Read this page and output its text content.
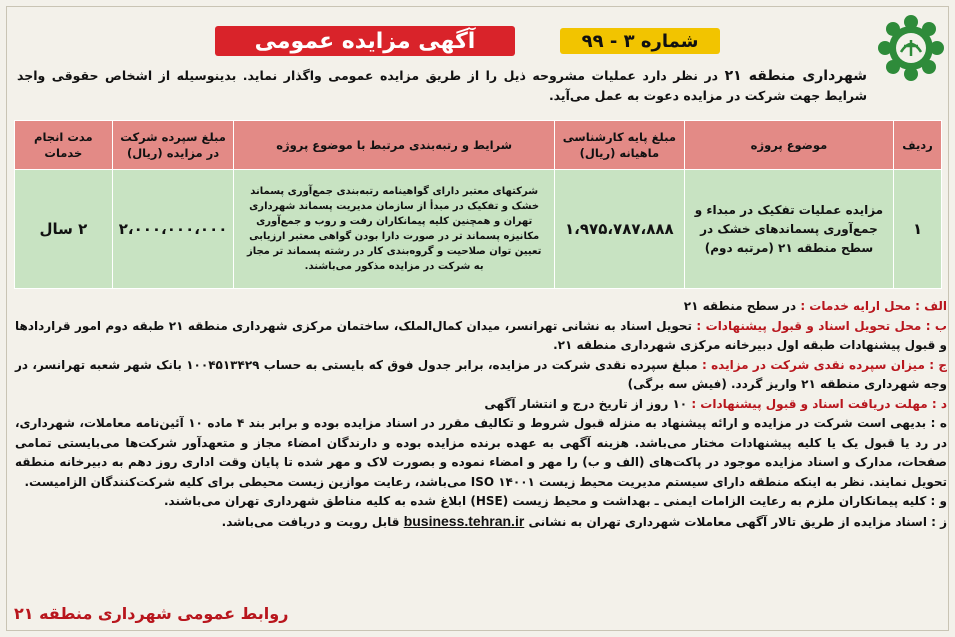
آگهی مزایده عمومی	شماره ۳ - ۹۹
شهرداری منطقه ۲۱ در نظر دارد عملیات مشروحه ذیل را از طریق مزایده عمومی واگذار نماید. بدینوسیله از اشخاص حقوقی واجد شرایط جهت شرکت در مزایده دعوت به عمل می‌آید.
ردیف	موضوع پروژه	مبلغ پایه کارشناسی ماهیانه (ریال)	شرایط و رتبه‌بندی مرتبط با موضوع پروژه	مبلغ سپرده شرکت در مزایده (ریال)	مدت انجام خدمات
۱	مزایده عملیات تفکیک در مبداء و جمع‌آوری پسماندهای خشک در سطح منطقه ۲۱ (مرتبه دوم)	۱،۹۷۵،۷۸۷،۸۸۸	شرکتهای معتبر دارای گواهینامه رتبه‌بندی جمع‌آوری پسماند خشک و تفکیک در مبدأ از سازمان مدیریت پسماند شهرداری تهران و همچنین کلیه پیمانکاران رفت و روب و جمع‌آوری مکانیزه پسماند تر در صورت دارا بودن گواهی معتبر ارزیابی تعیین توان صلاحیت و گروه‌بندی کار در رشته پسماند تر مجاز به شرکت در مزایده مذکور می‌باشند.	۲،۰۰۰،۰۰۰،۰۰۰	۲ سال

الف : محل ارایه خدمات : در سطح منطقه ۲۱

ب : محل تحویل اسناد و قبول پیشنهادات : تحویل اسناد به نشانی تهرانسر، میدان کمال‌الملک، ساختمان مرکزی شهرداری منطقه ۲۱ طبقه دوم امور قراردادها و قبول پیشنهادات طبقه اول دبیرخانه مرکزی شهرداری منطقه ۲۱.

ج : میزان سپرده نقدی شرکت در مزایده : مبلغ سپرده نقدی شرکت در مزایده، برابر جدول فوق که بایستی به حساب ۱۰۰۴۵۱۳۴۲۹ بانک شهر شعبه تهرانسر، در وجه شهرداری منطقه ۲۱ واریز گردد. (فیش سه برگی)

د : مهلت دریافت اسناد و قبول پیشنهادات : ۱۰ روز از تاریخ درج و انتشار آگهی

ه : بدیهی است شرکت در مزایده و ارائه پیشنهاد به منزله قبول شروط و تکالیف مقرر در اسناد مزایده بوده و برابر بند ۴ ماده ۱۰ آئین‌نامه معاملات، شهرداری، در رد یا قبول یک یا کلیه پیشنهادات مختار می‌باشد. هزینه آگهی به عهده برنده مزایده بوده و دارندگان امضاء مجاز و متعهدآور شرکت‌ها می‌بایستی تمامی صفحات، مدارک و اسناد مزایده موجود در پاکت‌های (الف و ب) را مهر و امضاء نموده و بصورت لاک و مهر شده تا پایان وقت اداری روز دهم به دبیرخانه منطقه تحویل نمایند. نظر به اینکه منطقه دارای سیستم مدیریت محیط زیست ISO ۱۴۰۰۱ می‌باشد، رعایت موازین زیست محیطی برای کلیه شرکت‌کنندگان الزامیست.

و : کلیه پیمانکاران ملزم به رعایت الزامات ایمنی ـ بهداشت و محیط زیست (HSE) ابلاغ شده به کلیه مناطق شهرداری تهران می‌باشند.

ز : اسناد مزایده از طریق تالار آگهی معاملات شهرداری تهران به نشانی business.tehran.ir قابل رویت و دریافت می‌باشد.

روابط عمومی شهرداری منطقه ۲۱
